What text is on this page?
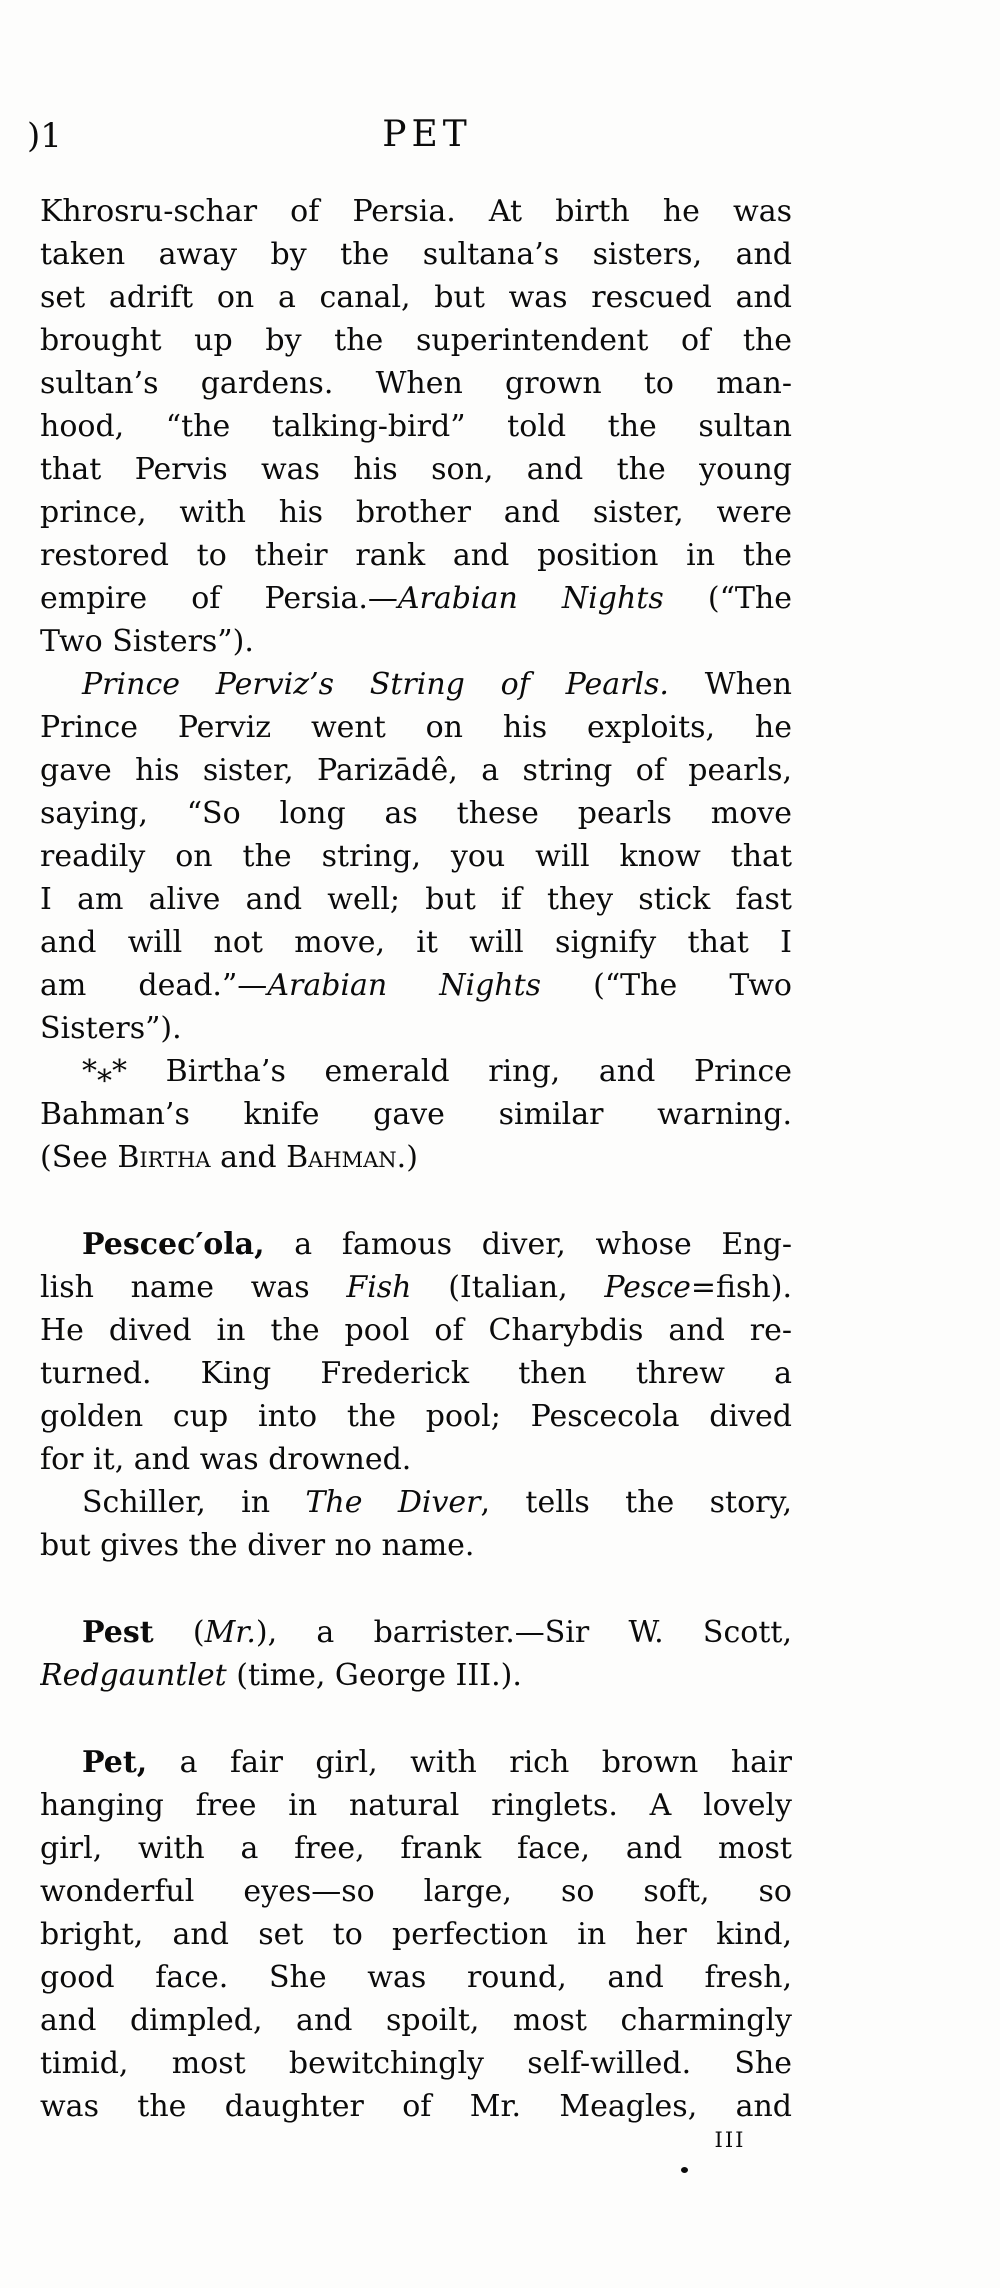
)1	PET
Khrosru-schar of Persia. At birth he was
taken away by the sultana’s sisters, and
set adrift on a canal, but was rescued and
brought up by the superintendent of the
sultan’s gardens. When grown to man-
hood, “the talking-bird” told the sultan
that Pervis was his son, and the young
prince, with his brother and sister, were
restored to their rank and position in the
empire of Persia.—Arabian Nights (“The
Two Sisters”).
Prince Perviz’s String of Pearls. When
Prince Perviz went on his exploits, he
gave his sister, Parizādê, a string of pearls,
saying, “So long as these pearls move
readily on the string, you will know that
I am alive and well; but if they stick fast
and will not move, it will signify that I
am dead.”—Arabian Nights (“The Two
Sisters”).
*** Birtha’s emerald ring, and Prince
Bahman’s knife gave similar warning.
(See Birtha and Bahman.)
Pescec′ola, a famous diver, whose Eng-
lish name was Fish (Italian, Pesce=fish).
He dived in the pool of Charybdis and re-
turned. King Frederick then threw a
golden cup into the pool; Pescecola dived
for it, and was drowned.
Schiller, in The Diver, tells the story,
but gives the diver no name.
Pest (Mr.), a barrister.—Sir W. Scott,
Redgauntlet (time, George III.).
Pet, a fair girl, with rich brown hair
hanging free in natural ringlets. A lovely
girl, with a free, frank face, and most
wonderful eyes—so large, so soft, so
bright, and set to perfection in her kind,
good face. She was round, and fresh,
and dimpled, and spoilt, most charmingly
timid, most bewitchingly self-willed. She
was the daughter of Mr. Meagles, and
III
